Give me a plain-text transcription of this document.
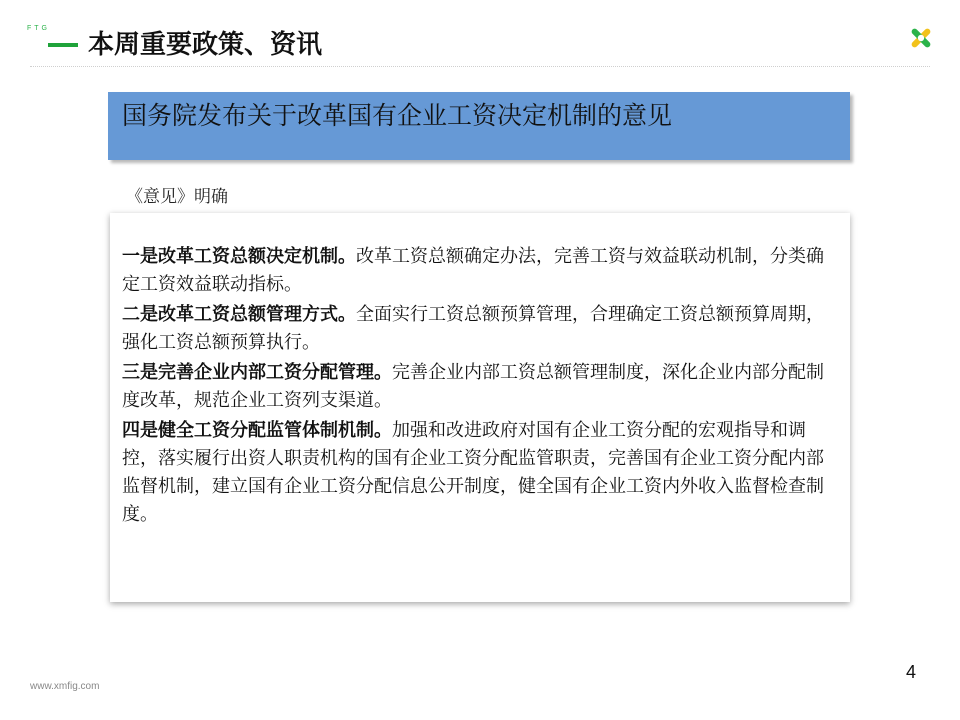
FTG
本周重要政策、资讯
国务院发布关于改革国有企业工资决定机制的意见
《意见》明确

一是改革工资总额决定机制。改革工资总额确定办法，完善工资与效益联动机制，分类确定工资效益联动指标。

二是改革工资总额管理方式。全面实行工资总额预算管理，合理确定工资总额预算周期，强化工资总额预算执行。

三是完善企业内部工资分配管理。完善企业内部工资总额管理制度，深化企业内部分配制度改革，规范企业工资列支渠道。

四是健全工资分配监管体制机制。加强和改进政府对国有企业工资分配的宏观指导和调控，落实履行出资人职责机构的国有企业工资分配监管职责，完善国有企业工资分配内部监督机制，建立国有企业工资分配信息公开制度，健全国有企业工资内外收入监督检查制度。

www.xmfig.com
4
